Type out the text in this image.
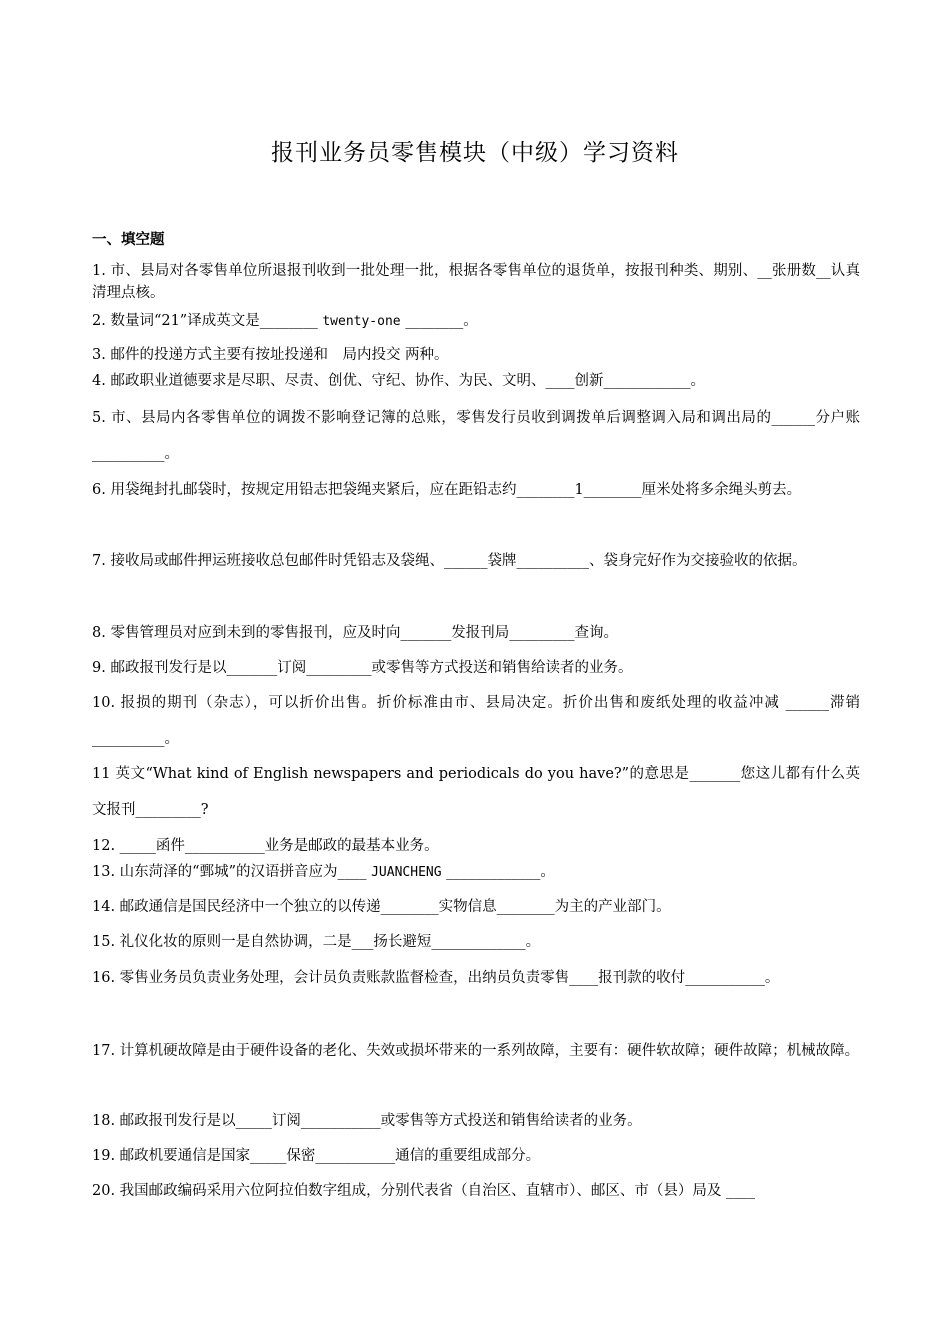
报刊业务员零售模块（中级）学习资料
一、填空题
1. 市、县局对各零售单位所退报刊收到一批处理一批，根据各零售单位的退货单，按报刊种类、期别、__张册数__认真清理点核。
2. 数量词“21”译成英文是________ twenty-one ________。
3. 邮件的投递方式主要有按址投递和　局内投交 两种。
4. 邮政职业道德要求是尽职、尽责、创优、守纪、协作、为民、文明、____创新____________。
5. 市、县局内各零售单位的调拨不影响登记簿的总账，零售发行员收到调拨单后调整调入局和调出局的______分户账__________。
6. 用袋绳封扎邮袋时，按规定用铅志把袋绳夹紧后，应在距铅志约________1________厘米处将多余绳头剪去。
7. 接收局或邮件押运班接收总包邮件时凭铅志及袋绳、______袋牌__________、袋身完好作为交接验收的依据。
8. 零售管理员对应到未到的零售报刊，应及时向_______发报刊局_________查询。
9. 邮政报刊发行是以_______订阅_________或零售等方式投送和销售给读者的业务。
10. 报损的期刊（杂志），可以折价出售。折价标准由市、县局决定。折价出售和废纸处理的收益冲减 ______滞销__________。
11 英文“What kind of English newspapers and periodicals do you have?”的意思是_______您这儿都有什么英文报刊_________?
12. _____函件___________业务是邮政的最基本业务。
13. 山东菏泽的“鄄城”的汉语拼音应为____ JUANCHENG _____________。
14. 邮政通信是国民经济中一个独立的以传递________实物信息________为主的产业部门。
15. 礼仪化妆的原则一是自然协调，二是___扬长避短_____________。
16. 零售业务员负责业务处理，会计员负责账款监督检查，出纳员负责零售____报刊款的收付___________。
17. 计算机硬故障是由于硬件设备的老化、失效或损坏带来的一系列故障，主要有：硬件软故障；硬件故障；机械故障。
18. 邮政报刊发行是以_____订阅___________或零售等方式投送和销售给读者的业务。
19. 邮政机要通信是国家_____保密___________通信的重要组成部分。
20. 我国邮政编码采用六位阿拉伯数字组成，分别代表省（自治区、直辖市）、邮区、市（县）局及 ____
